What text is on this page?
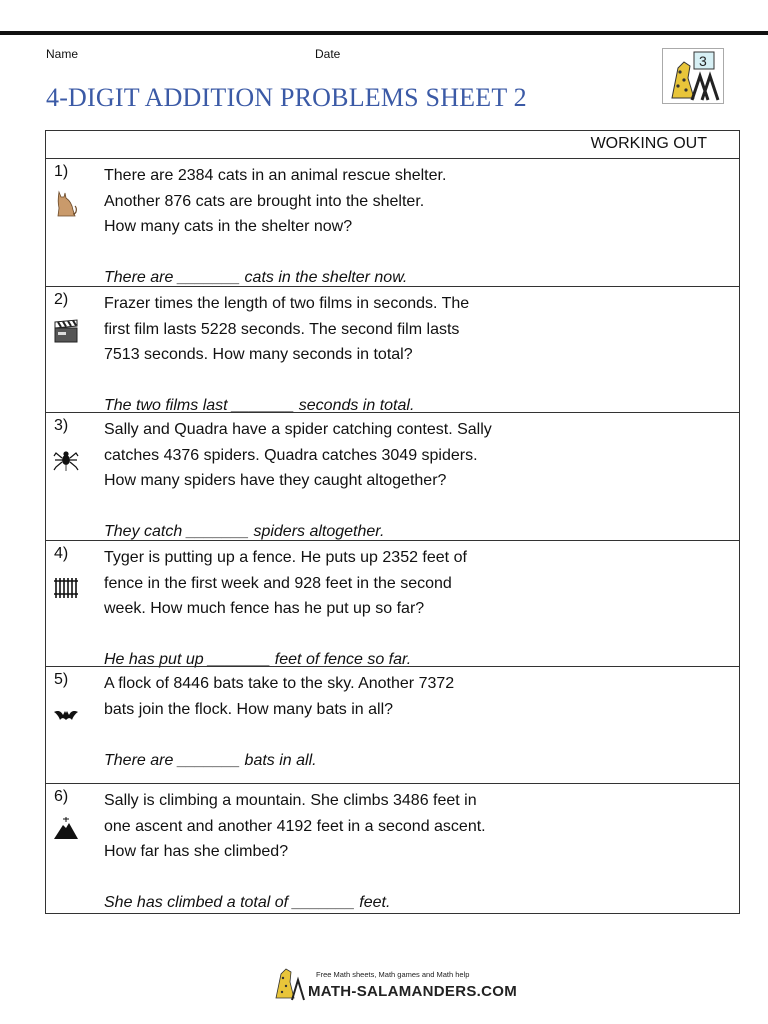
Name	Date
4-DIGIT ADDITION PROBLEMS SHEET 2
3
WORKING OUT
1) There are 2384 cats in an animal rescue shelter.
Another 876 cats are brought into the shelter.
How many cats in the shelter now?
There are _______ cats in the shelter now.
2) Frazer times the length of two films in seconds. The
first film lasts 5228 seconds. The second film lasts
7513 seconds. How many seconds in total?
The two films last _______ seconds in total.
3) Sally and Quadra have a spider catching contest. Sally
catches 4376 spiders. Quadra catches 3049 spiders.
How many spiders have they caught altogether?
They catch _______ spiders altogether.
4) Tyger is putting up a fence. He puts up 2352 feet of
fence in the first week and 928 feet in the second
week. How much fence has he put up so far?
He has put up _______ feet of fence so far.
5) A flock of 8446 bats take to the sky. Another 7372
bats join the flock. How many bats in all?
There are _______ bats in all.
6) Sally is climbing a mountain. She climbs 3486 feet in
one ascent and another 4192 feet in a second ascent.
How far has she climbed?
She has climbed a total of _______ feet.
Free Math sheets, Math games and Math help
MATH-SALAMANDERS.COM
